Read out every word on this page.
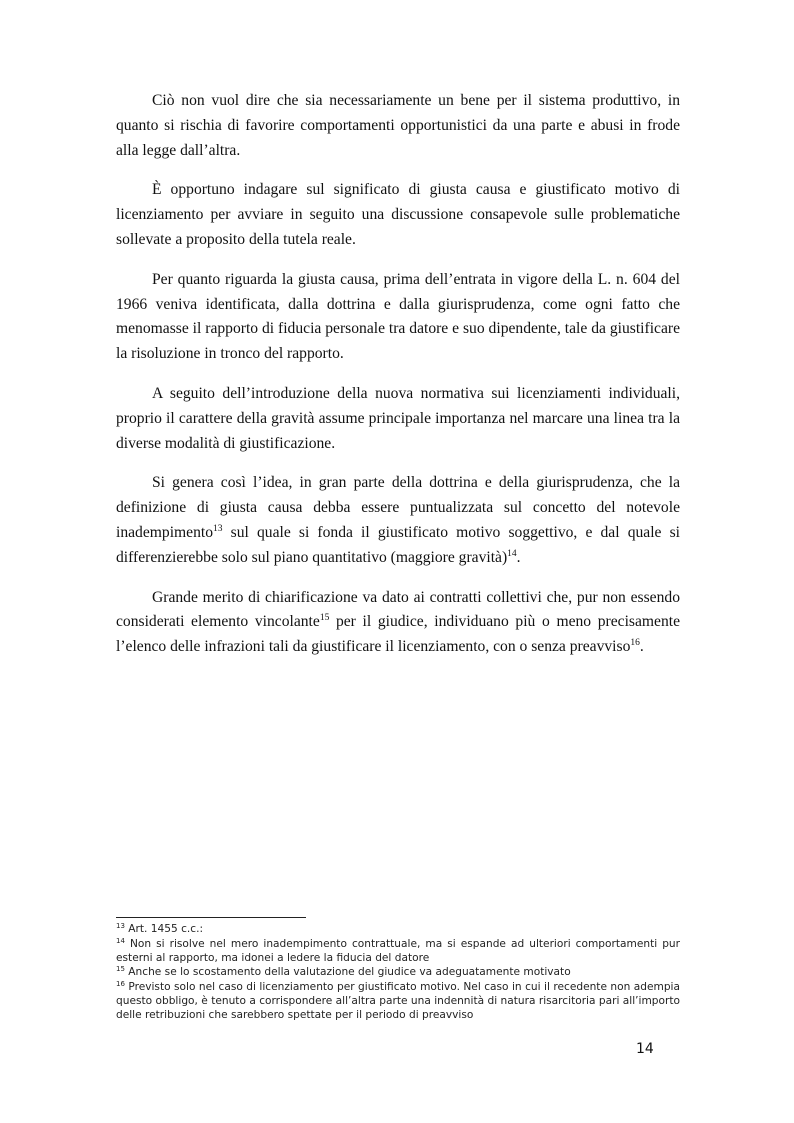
Ciò non vuol dire che sia necessariamente un bene per il sistema produttivo, in quanto si rischia di favorire comportamenti opportunistici da una parte e abusi in frode alla legge dall’altra.

È opportuno indagare sul significato di giusta causa e giustificato motivo di licenziamento per avviare in seguito una discussione consapevole sulle problematiche sollevate a proposito della tutela reale.

Per quanto riguarda la giusta causa, prima dell’entrata in vigore della L. n. 604 del 1966 veniva identificata, dalla dottrina e dalla giurisprudenza, come ogni fatto che menomasse il rapporto di fiducia personale tra datore e suo dipendente, tale da giustificare la risoluzione in tronco del rapporto.

A seguito dell’introduzione della nuova normativa sui licenziamenti individuali, proprio il carattere della gravità assume principale importanza nel marcare una linea tra la diverse modalità di giustificazione.

Si genera così l’idea, in gran parte della dottrina e della giurisprudenza, che la definizione di giusta causa debba essere puntualizzata sul concetto del notevole inadempimento$^{13}$ sul quale si fonda il giustificato motivo soggettivo, e dal quale si differenzierebbe solo sul piano quantitativo (maggiore gravità)$^{14}$.

Grande merito di chiarificazione va dato ai contratti collettivi che, pur non essendo considerati elemento vincolante$^{15}$ per il giudice, individuano più o meno precisamente l’elenco delle infrazioni tali da giustificare il licenziamento, con o senza preavviso$^{16}$.

$^{13}$ Art. 1455 c.c.:

$^{14}$ Non si risolve nel mero inadempimento contrattuale, ma si espande ad ulteriori comportamenti pur esterni al rapporto, ma idonei a ledere la fiducia del datore

$^{15}$ Anche se lo scostamento della valutazione del giudice va adeguatamente motivato

$^{16}$ Previsto solo nel caso di licenziamento per giustificato motivo. Nel caso in cui il recedente non adempia questo obbligo, è tenuto a corrispondere all’altra parte una indennità di natura risarcitoria pari all’importo delle retribuzioni che sarebbero spettate per il periodo di preavviso

14
